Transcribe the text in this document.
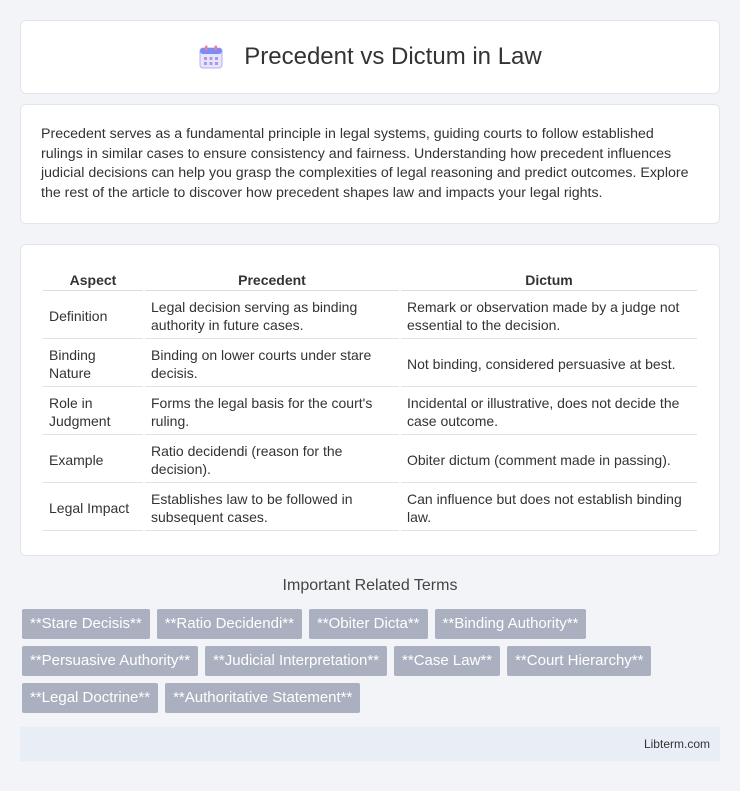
Precedent vs Dictum in Law

Precedent serves as a fundamental principle in legal systems, guiding courts to follow established rulings in similar cases to ensure consistency and fairness. Understanding how precedent influences judicial decisions can help you grasp the complexities of legal reasoning and predict outcomes. Explore the rest of the article to discover how precedent shapes law and impacts your legal rights.

Aspect	Precedent	Dictum
Definition	Legal decision serving as binding authority in future cases.	Remark or observation made by a judge not essential to the decision.
Binding Nature	Binding on lower courts under stare decisis.	Not binding, considered persuasive at best.
Role in Judgment	Forms the legal basis for the court's ruling.	Incidental or illustrative, does not decide the case outcome.
Example	Ratio decidendi (reason for the decision).	Obiter dictum (comment made in passing).
Legal Impact	Establishes law to be followed in subsequent cases.	Can influence but does not establish binding law.
Important Related Terms
**Stare Decisis**	**Ratio Decidendi**	**Obiter Dicta**	**Binding Authority**
**Persuasive Authority**	**Judicial Interpretation**	**Case Law**	**Court Hierarchy**
**Legal Doctrine**	**Authoritative Statement**
Libterm.com
